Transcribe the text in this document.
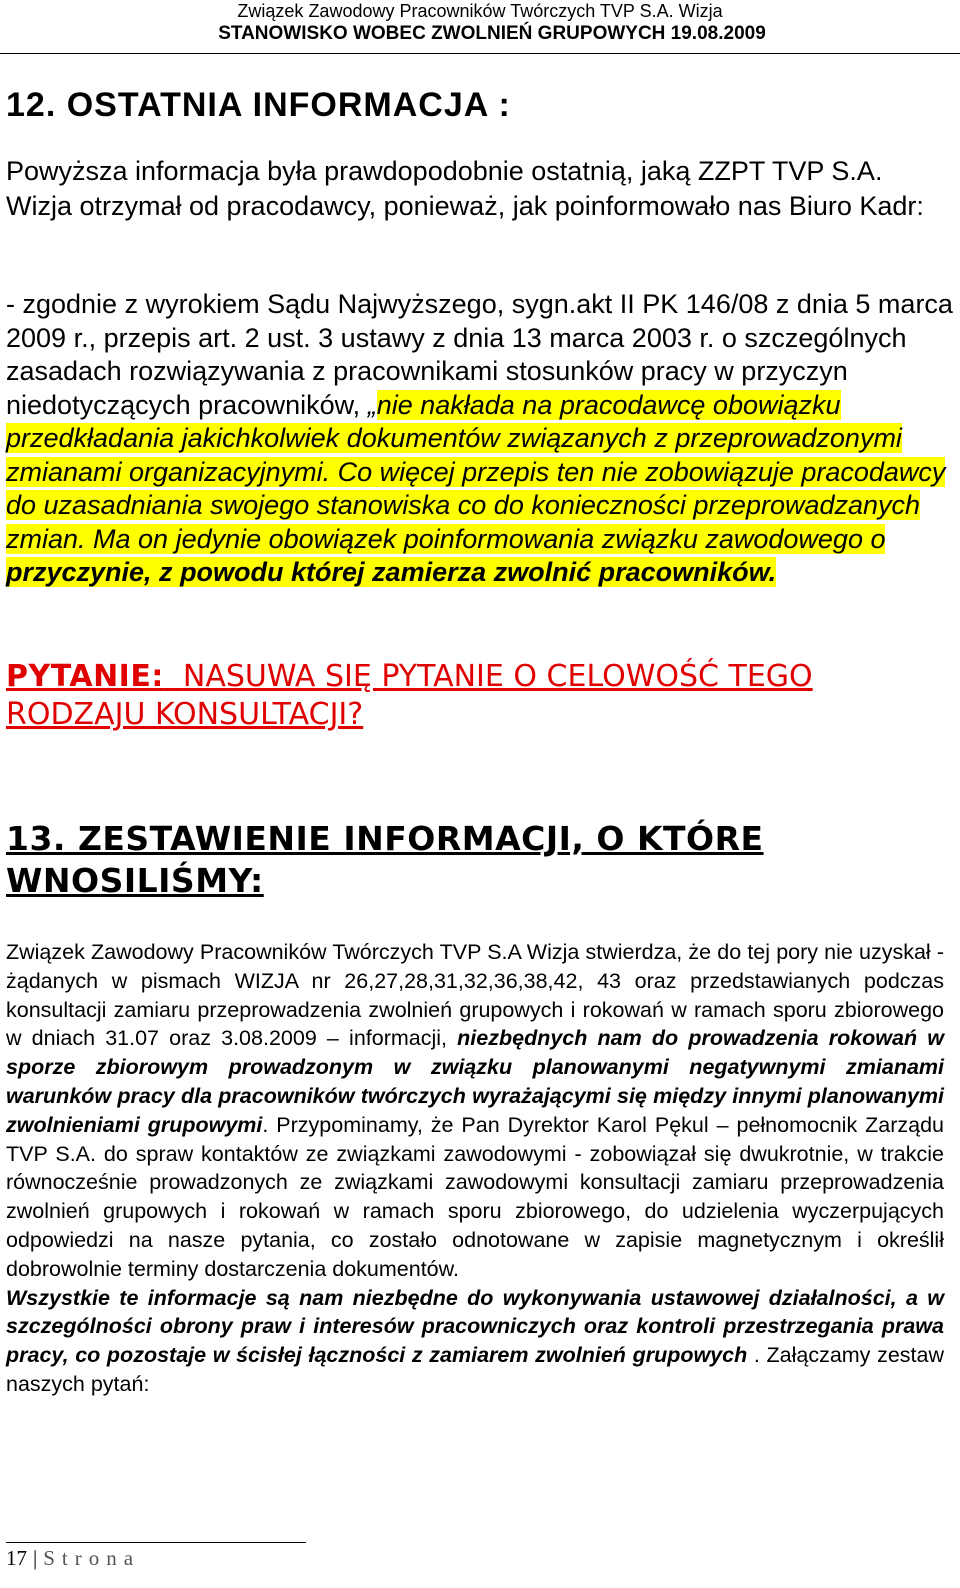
Związek Zawodowy Pracowników Twórczych TVP S.A. Wizja
STANOWISKO WOBEC ZWOLNIEŃ GRUPOWYCH 19.08.2009
12. OSTATNIA INFORMACJA :
Powyższa informacja była prawdopodobnie ostatnią, jaką ZZPT TVP S.A. Wizja otrzymał od pracodawcy, ponieważ, jak poinformowało nas Biuro Kadr:
- zgodnie z wyrokiem Sądu Najwyższego, sygn.akt II PK 146/08 z dnia 5 marca 2009 r., przepis art. 2 ust. 3 ustawy z dnia 13 marca 2003 r. o szczególnych zasadach rozwiązywania z pracownikami stosunków pracy w przyczyn niedotyczących pracowników, „nie nakłada na pracodawcę obowiązku przedkładania jakichkolwiek dokumentów związanych z przeprowadzonymi zmianami organizacyjnymi. Co więcej przepis ten nie zobowiązuje pracodawcy do uzasadniania swojego stanowiska co do konieczności przeprowadzanych zmian. Ma on jedynie obowiązek poinformowania związku zawodowego o przyczynie, z powodu której zamierza zwolnić pracowników.
PYTANIE: NASUWA SIĘ PYTANIE O CELOWOŚĆ TEGO RODZAJU KONSULTACJI?
13. ZESTAWIENIE INFORMACJI, O KTÓRE WNOSILIŚMY:
Związek Zawodowy Pracowników Twórczych TVP S.A Wizja stwierdza, że do tej pory nie uzyskał - żądanych w pismach WIZJA nr 26,27,28,31,32,36,38,42, 43 oraz przedstawianych podczas konsultacji zamiaru przeprowadzenia zwolnień grupowych i rokowań w ramach sporu zbiorowego w dniach 31.07 oraz 3.08.2009 – informacji, niezbędnych nam do prowadzenia rokowań w sporze zbiorowym prowadzonym w związku planowanymi negatywnymi zmianami warunków pracy dla pracowników twórczych wyrażającymi się między innymi planowanymi zwolnieniami grupowymi. Przypominamy, że Pan Dyrektor Karol Pękul – pełnomocnik Zarządu TVP S.A. do spraw kontaktów ze związkami zawodowymi - zobowiązał się dwukrotnie, w trakcie równocześnie prowadzonych ze związkami zawodowymi konsultacji zamiaru przeprowadzenia zwolnień grupowych i rokowań w ramach sporu zbiorowego, do udzielenia wyczerpujących odpowiedzi na nasze pytania, co zostało odnotowane w zapisie magnetycznym i określił dobrowolnie terminy dostarczenia dokumentów.
Wszystkie te informacje są nam niezbędne do wykonywania ustawowej działalności, a w szczególności obrony praw i interesów pracowniczych oraz kontroli przestrzegania prawa pracy, co pozostaje w ścisłej łączności z zamiarem zwolnień grupowych . Załączamy zestaw naszych pytań:
17 | Strona
